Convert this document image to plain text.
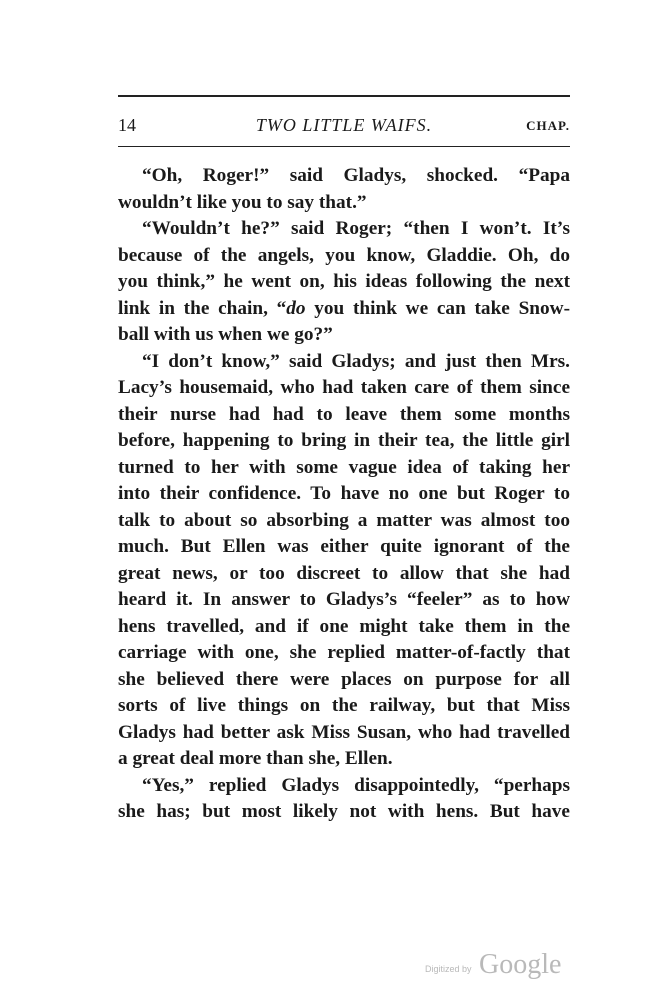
14	TWO LITTLE WAIFS.	CHAP.
“Oh, Roger!” said Gladys, shocked. “Papa
wouldn’t like you to say that.”
“Wouldn’t he?” said Roger; “then I won’t. It’s
because of the angels, you know, Gladdie. Oh, do
you think,” he went on, his ideas following the next
link in the chain, “do you think we can take Snow-
ball with us when we go?”
“I don’t know,” said Gladys; and just then Mrs.
Lacy’s housemaid, who had taken care of them since
their nurse had had to leave them some months
before, happening to bring in their tea, the little girl
turned to her with some vague idea of taking her
into their confidence. To have no one but Roger to
talk to about so absorbing a matter was almost too
much. But Ellen was either quite ignorant of the
great news, or too discreet to allow that she had
heard it. In answer to Gladys’s “feeler” as to how
hens travelled, and if one might take them in the
carriage with one, she replied matter-of-factly that
she believed there were places on purpose for all
sorts of live things on the railway, but that Miss
Gladys had better ask Miss Susan, who had travelled
a great deal more than she, Ellen.
“Yes,” replied Gladys disappointedly, “perhaps
she has; but most likely not with hens. But have
Digitized by Google
